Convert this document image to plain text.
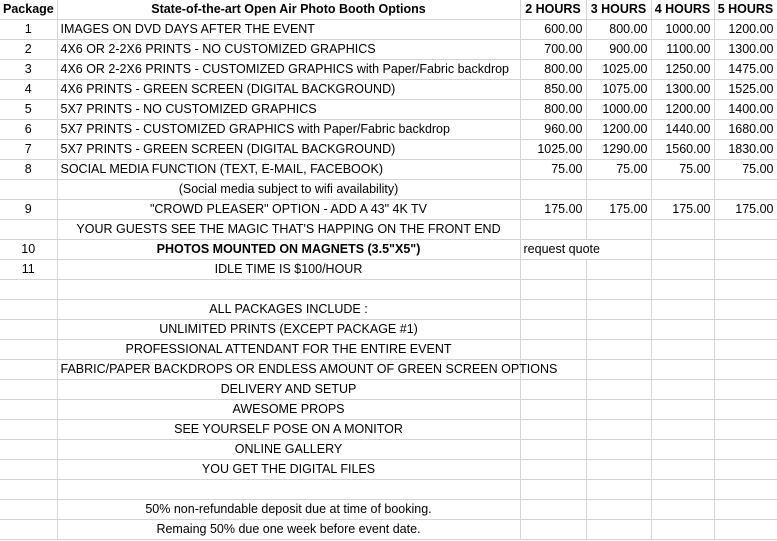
Package	State-of-the-art Open Air Photo Booth Options	2 HOURS	3 HOURS	4 HOURS	5 HOURS
1	IMAGES ON DVD DAYS AFTER THE EVENT	600.00	800.00	1000.00	1200.00
2	4X6 OR 2-2X6 PRINTS - NO CUSTOMIZED GRAPHICS	700.00	900.00	1100.00	1300.00
3	4X6 OR 2-2X6 PRINTS - CUSTOMIZED GRAPHICS with Paper/Fabric backdrop	800.00	1025.00	1250.00	1475.00
4	4X6 PRINTS - GREEN SCREEN (DIGITAL BACKGROUND)	850.00	1075.00	1300.00	1525.00
5	5X7 PRINTS - NO CUSTOMIZED GRAPHICS	800.00	1000.00	1200.00	1400.00
6	5X7 PRINTS - CUSTOMIZED GRAPHICS with Paper/Fabric backdrop	960.00	1200.00	1440.00	1680.00
7	5X7 PRINTS - GREEN SCREEN (DIGITAL BACKGROUND)	1025.00	1290.00	1560.00	1830.00
8	SOCIAL MEDIA FUNCTION (TEXT, E-MAIL, FACEBOOK)	75.00	75.00	75.00	75.00
	(Social media subject to wifi availability)				
9	"CROWD PLEASER" OPTION - ADD A 43" 4K TV	175.00	175.00	175.00	175.00
	YOUR GUESTS SEE THE MAGIC THAT'S HAPPING ON THE FRONT END				
10	PHOTOS MOUNTED ON MAGNETS (3.5"X5")	request quote			
11	IDLE TIME IS $100/HOUR				

	ALL PACKAGES INCLUDE :				
	UNLIMITED PRINTS (EXCEPT PACKAGE #1)				
	PROFESSIONAL ATTENDANT FOR THE ENTIRE EVENT				
	FABRIC/PAPER BACKDROPS OR ENDLESS AMOUNT OF GREEN SCREEN OPTIONS				
	DELIVERY AND SETUP				
	AWESOME PROPS				
	SEE YOURSELF POSE ON A MONITOR				
	ONLINE GALLERY				
	YOU GET THE DIGITAL FILES				

	50% non-refundable deposit due at time of booking.				
	Remaing 50% due one week before event date.				
